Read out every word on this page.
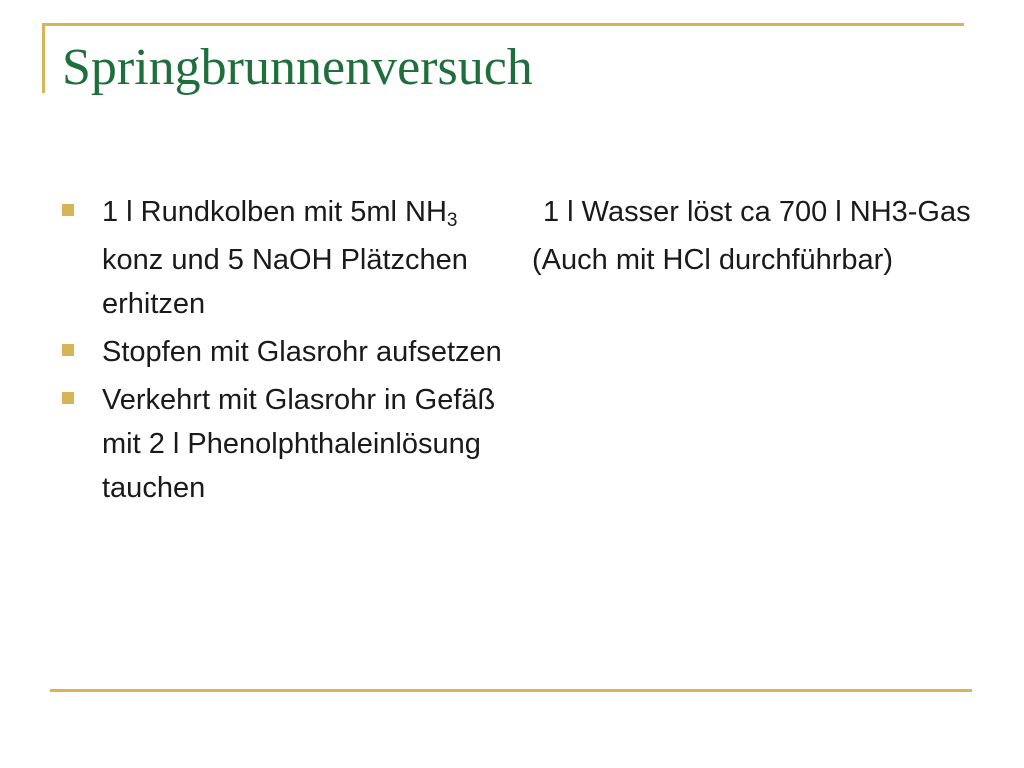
Springbrunnenversuch
1 l Rundkolben mit 5ml NH3 konz und 5 NaOH Plätzchen erhitzen
Stopfen mit Glasrohr aufsetzen
Verkehrt mit Glasrohr in Gefäß mit 2 l Phenolphthaleinlösung tauchen

1 l Wasser löst ca 700 l NH3-Gas

(Auch mit HCl durchführbar)
